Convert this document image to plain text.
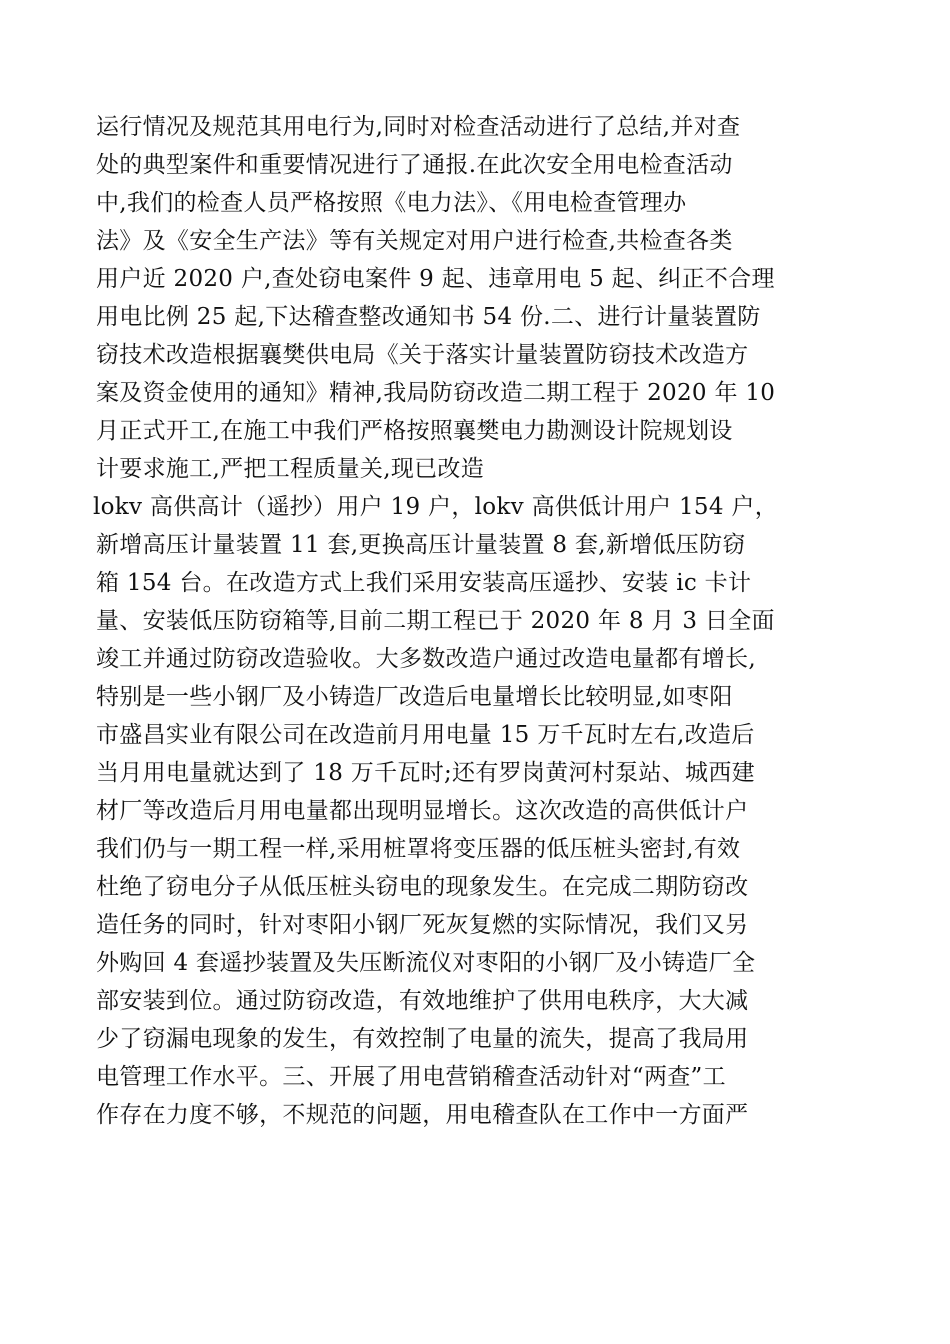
运行情况及规范其用电行为,同时对检查活动进行了总结,并对查
处的典型案件和重要情况进行了通报.在此次安全用电检查活动
中,我们的检查人员严格按照《电力法》、《用电检查管理办
法》及《安全生产法》等有关规定对用户进行检查,共检查各类
用户近 2020 户,查处窃电案件 9 起、违章用电 5 起、纠正不合理
用电比例 25 起,下达稽查整改通知书 54 份.二、进行计量装置防
窃技术改造根据襄樊供电局《关于落实计量装置防窃技术改造方
案及资金使用的通知》精神,我局防窃改造二期工程于 2020 年 10
月正式开工,在施工中我们严格按照襄樊电力勘测设计院规划设
计要求施工,严把工程质量关,现已改造
lokv 高供高计（遥抄）用户 19 户，lokv 高供低计用户 154 户，
新增高压计量装置 11 套,更换高压计量装置 8 套,新增低压防窃
箱 154 台。在改造方式上我们采用安装高压遥抄、安装 ic 卡计
量、安装低压防窃箱等,目前二期工程已于 2020 年 8 月 3 日全面
竣工并通过防窃改造验收。大多数改造户通过改造电量都有增长,
特别是一些小钢厂及小铸造厂改造后电量增长比较明显,如枣阳
市盛昌实业有限公司在改造前月用电量 15 万千瓦时左右,改造后
当月用电量就达到了 18 万千瓦时;还有罗岗黄河村泵站、城西建
材厂等改造后月用电量都出现明显增长。这次改造的高供低计户
我们仍与一期工程一样,采用桩罩将变压器的低压桩头密封,有效
杜绝了窃电分子从低压桩头窃电的现象发生。在完成二期防窃改
造任务的同时，针对枣阳小钢厂死灰复燃的实际情况，我们又另
外购回 4 套遥抄装置及失压断流仪对枣阳的小钢厂及小铸造厂全
部安装到位。通过防窃改造，有效地维护了供用电秩序，大大减
少了窃漏电现象的发生，有效控制了电量的流失，提高了我局用
电管理工作水平。三、开展了用电营销稽查活动针对“两查”工
作存在力度不够，不规范的问题，用电稽查队在工作中一方面严
